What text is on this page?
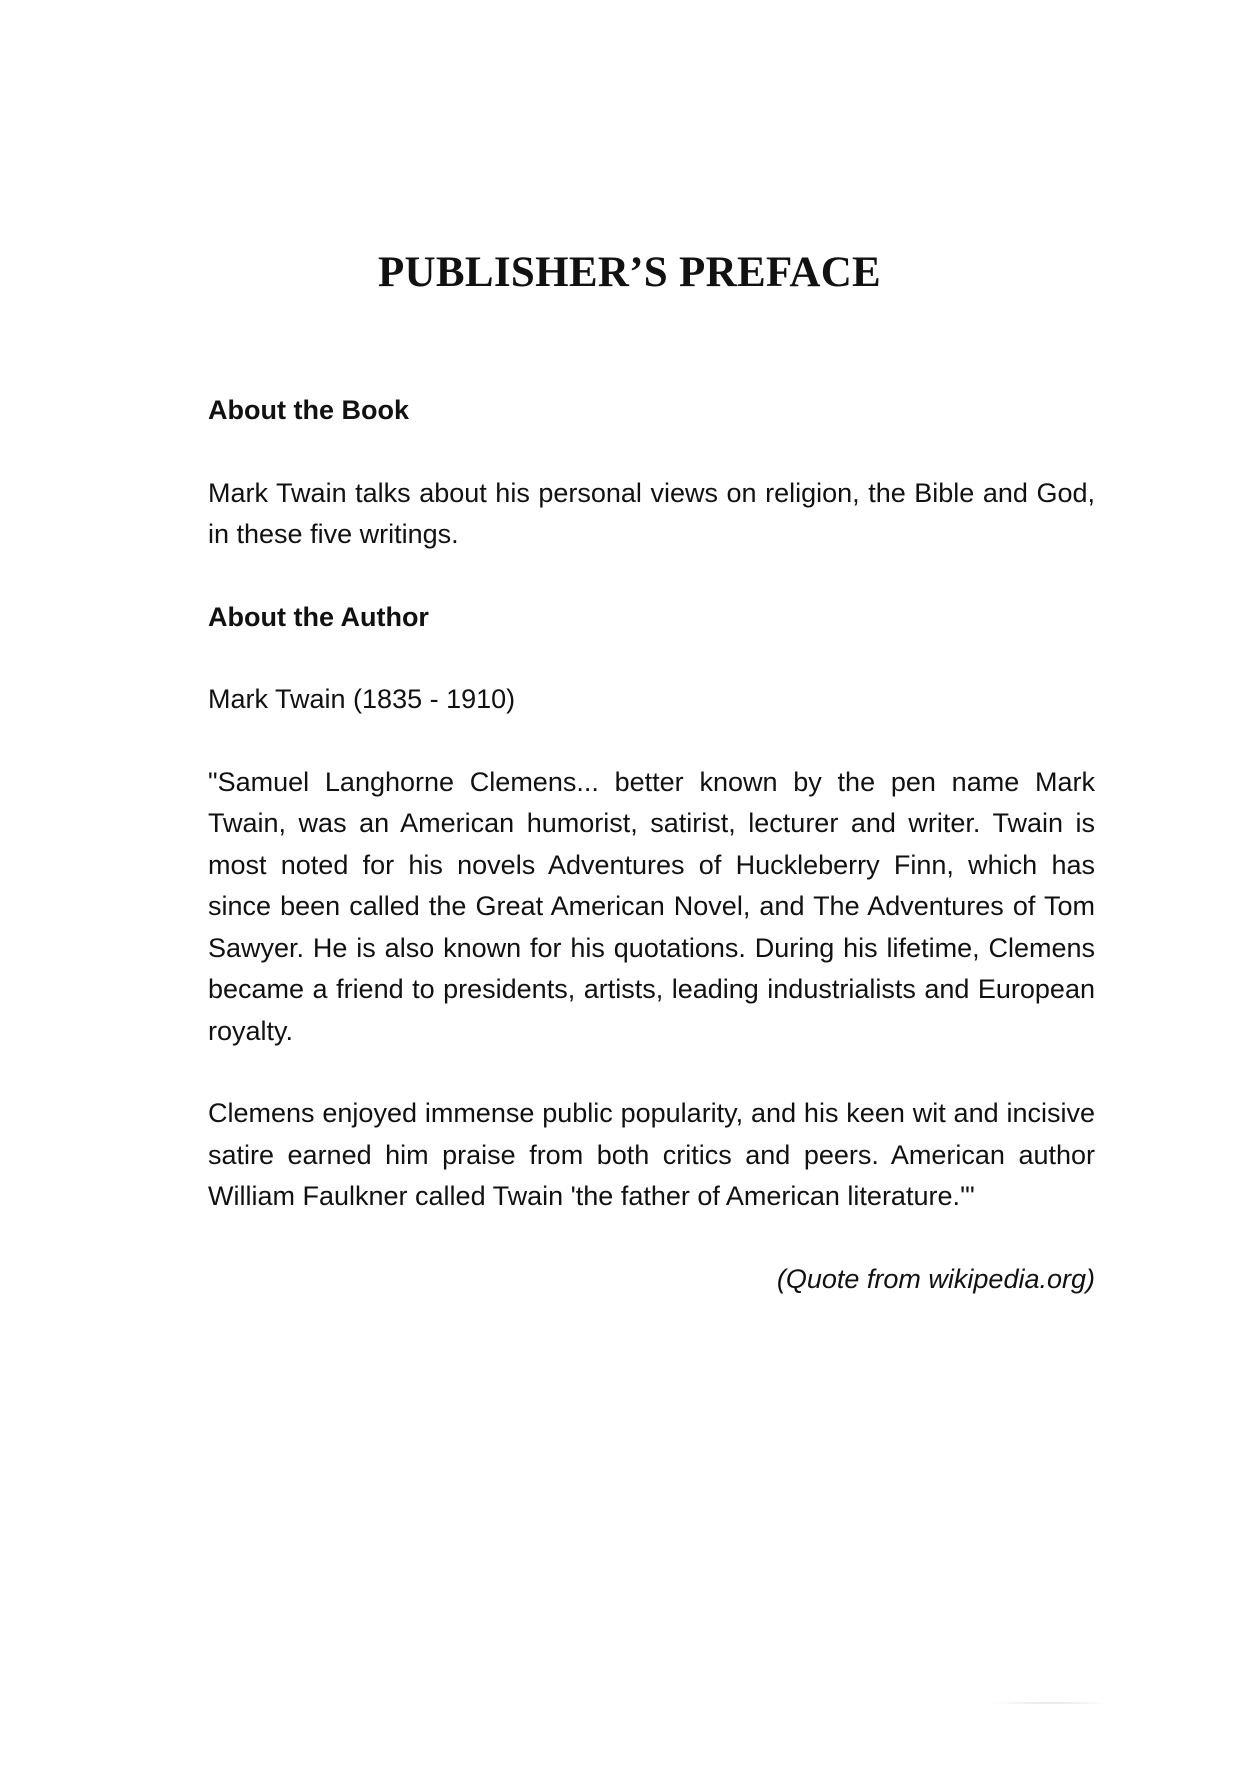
PUBLISHER’S PREFACE

About the Book

Mark Twain talks about his personal views on religion, the Bible and God, in these five writings.

About the Author

Mark Twain (1835 - 1910)

"Samuel Langhorne Clemens... better known by the pen name Mark Twain, was an American humorist, satirist, lecturer and writer. Twain is most noted for his novels Adventures of Huckleberry Finn, which has since been called the Great American Novel, and The Adventures of Tom Sawyer. He is also known for his quotations. During his lifetime, Clemens became a friend to presidents, artists, leading industrialists and European royalty.

Clemens enjoyed immense public popularity, and his keen wit and incisive satire earned him praise from both critics and peers. American author William Faulkner called Twain 'the father of American literature.'"

(Quote from wikipedia.org)
